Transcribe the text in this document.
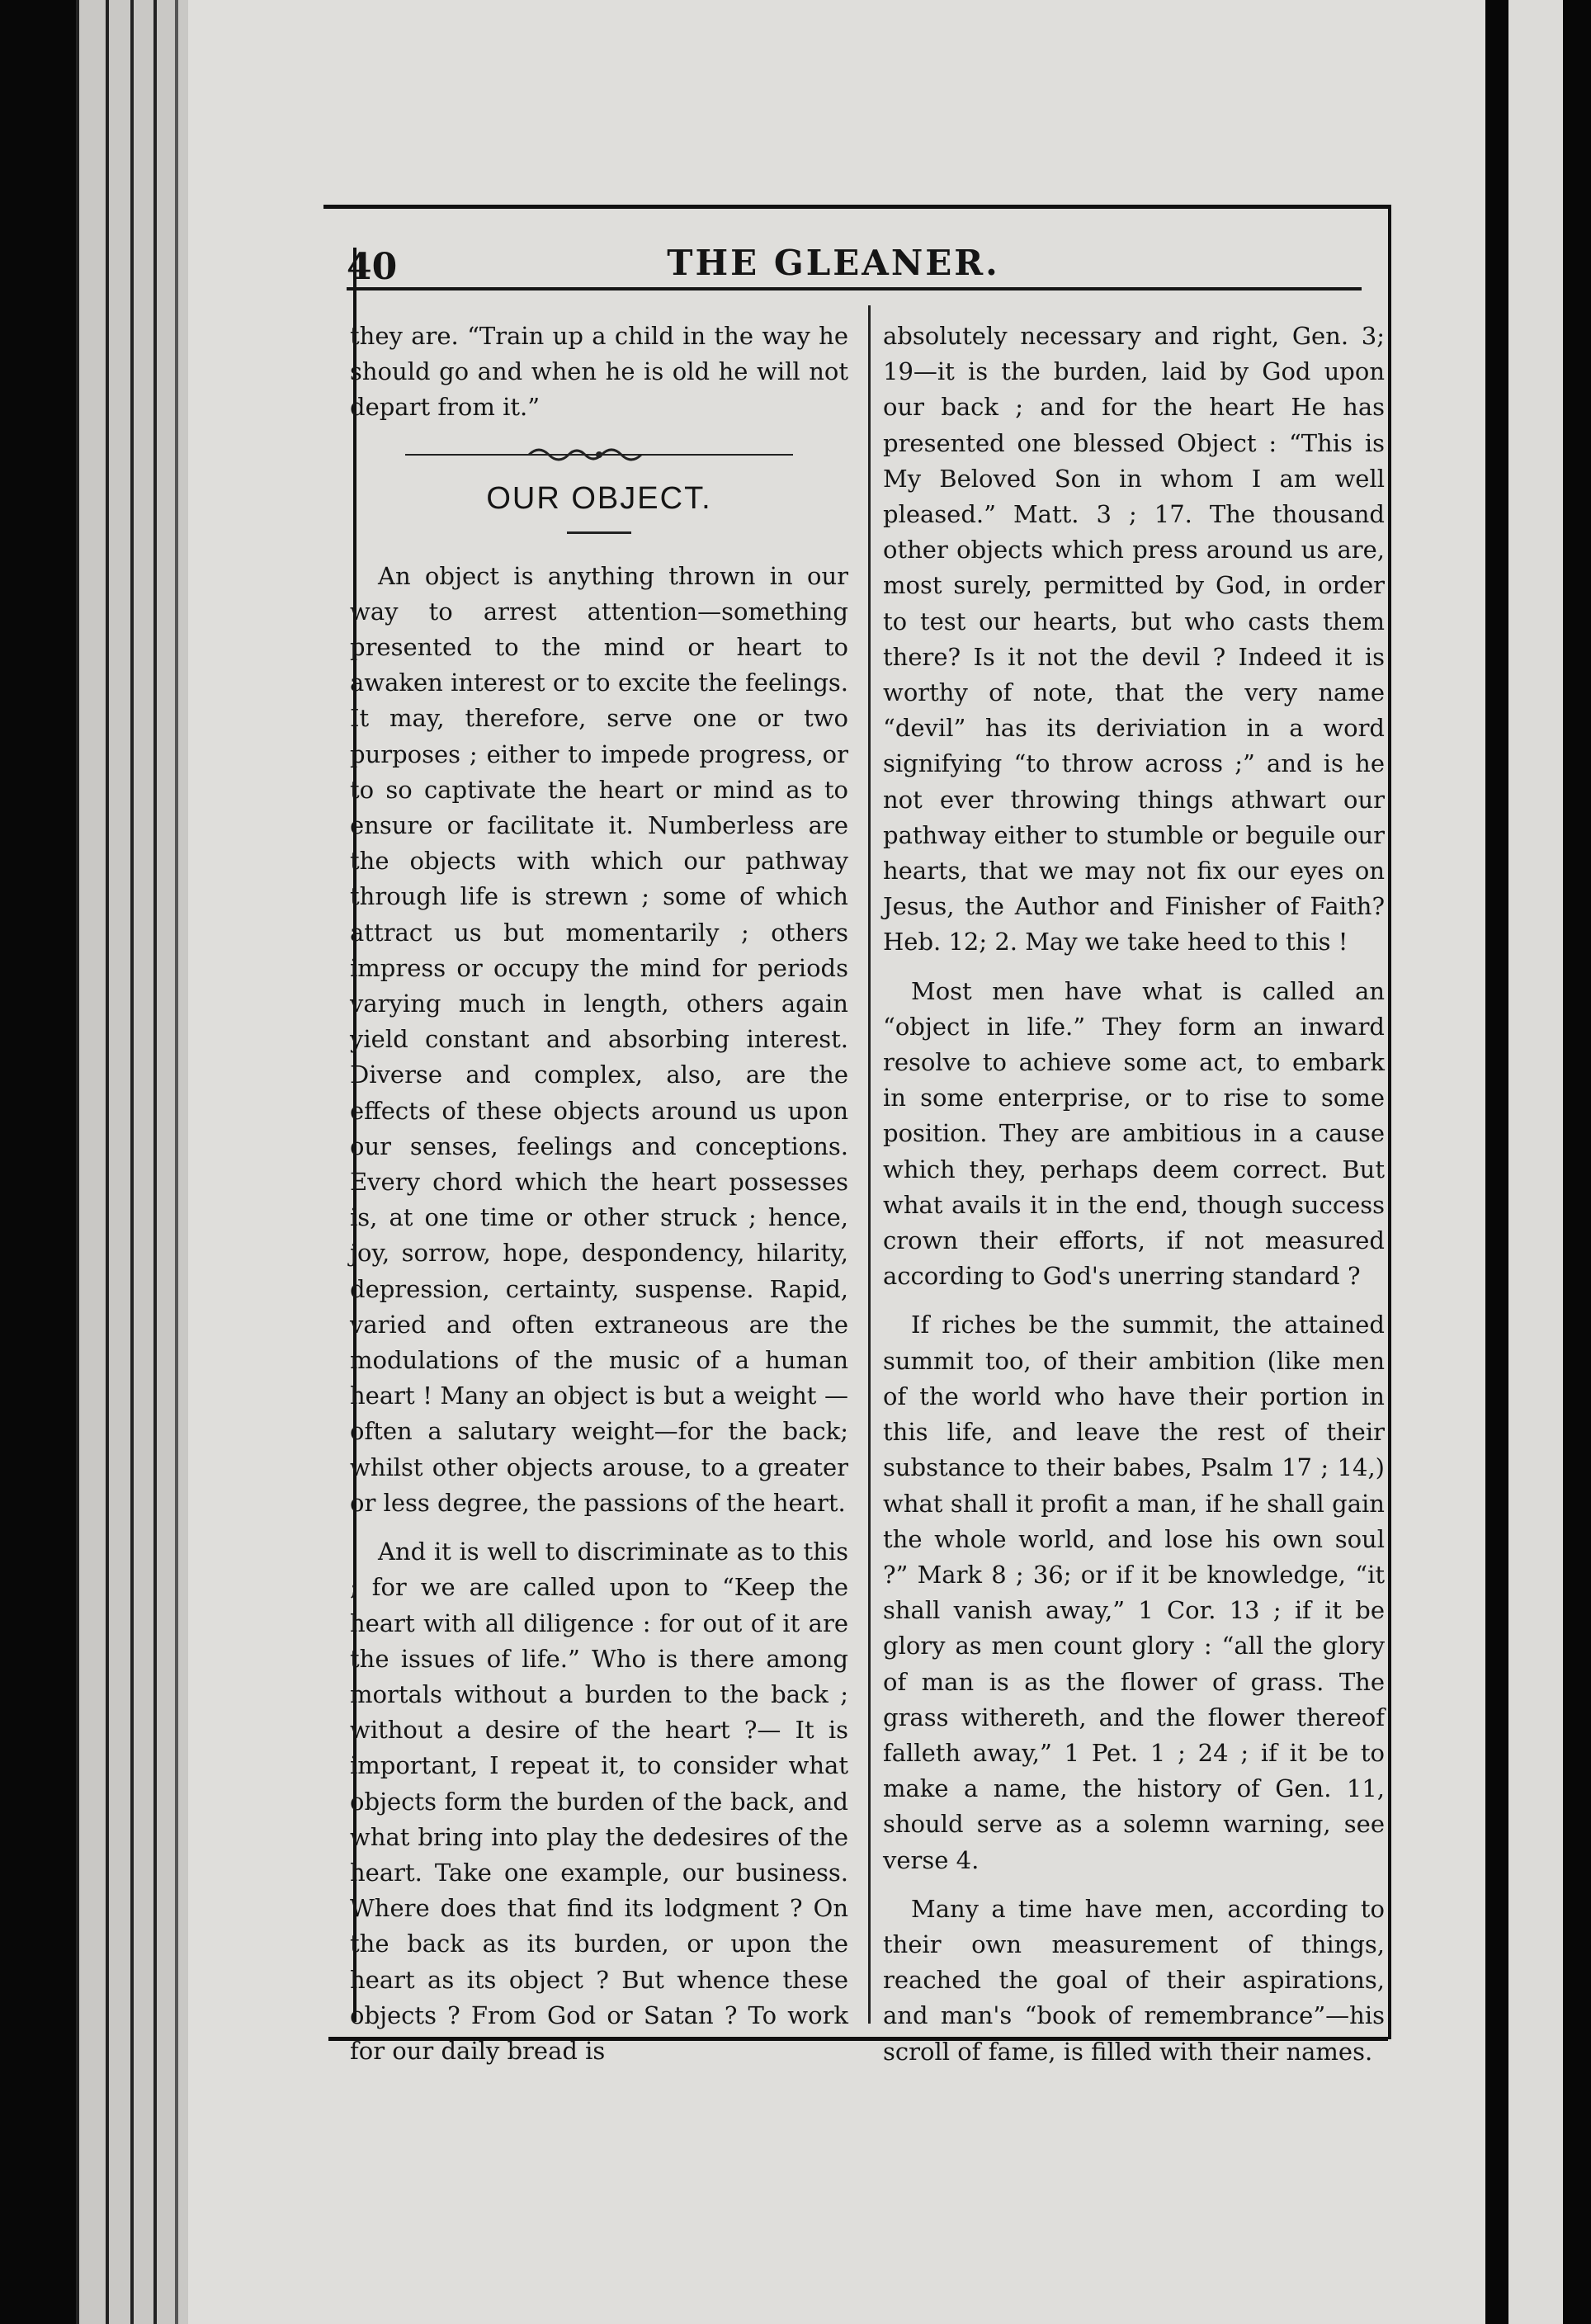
40	THE GLEANER.

they are. “Train up a child in the way he should go and when he is old he will not depart from it.”

OUR OBJECT.

An object is anything thrown in our way to arrest attention—something presented to the mind or heart to awaken interest or to excite the feelings. It may, therefore, serve one or two purposes ; either to impede progress, or to so captivate the heart or mind as to ensure or facilitate it. Numberless are the objects with which our pathway through life is strewn ; some of which attract us but momentarily ; others impress or occupy the mind for periods varying much in length, others again yield constant and absorbing interest. Diverse and complex, also, are the effects of these objects around us upon our senses, feelings and conceptions. Every chord which the heart possesses is, at one time or other struck ; hence, joy, sorrow, hope, despondency, hilarity, depression, certainty, suspense. Rapid, varied and often extraneous are the modulations of the music of a human heart ! Many an object is but a weight —often a salutary weight—for the back; whilst other objects arouse, to a greater or less degree, the passions of the heart.

And it is well to discriminate as to this ; for we are called upon to “Keep the heart with all diligence : for out of it are the issues of life.” Who is there among mortals without a burden to the back ; without a desire of the heart ?— It is important, I repeat it, to consider what objects form the burden of the back, and what bring into play the dedesires of the heart. Take one example, our business. Where does that find its lodgment ? On the back as its burden, or upon the heart as its object ? But whence these objects ? From God or Satan ? To work for our daily bread is

absolutely necessary and right, Gen. 3; 19—it is the burden, laid by God upon our back ; and for the heart He has presented one blessed Object : “This is My Beloved Son in whom I am well pleased.” Matt. 3 ; 17. The thousand other objects which press around us are, most surely, permitted by God, in order to test our hearts, but who casts them there? Is it not the devil ? Indeed it is worthy of note, that the very name “devil” has its deriviation in a word signifying “to throw across ;” and is he not ever throwing things athwart our pathway either to stumble or beguile our hearts, that we may not fix our eyes on Jesus, the Author and Finisher of Faith? Heb. 12; 2. May we take heed to this !

Most men have what is called an “object in life.” They form an inward resolve to achieve some act, to embark in some enterprise, or to rise to some position. They are ambitious in a cause which they, perhaps deem correct. But what avails it in the end, though success crown their efforts, if not measured according to God's unerring standard ?

If riches be the summit, the attained summit too, of their ambition (like men of the world who have their portion in this life, and leave the rest of their substance to their babes, Psalm 17 ; 14,) what shall it profit a man, if he shall gain the whole world, and lose his own soul ?” Mark 8 ; 36; or if it be knowledge, “it shall vanish away,” 1 Cor. 13 ; if it be glory as men count glory : “all the glory of man is as the flower of grass. The grass withereth, and the flower thereof falleth away,” 1 Pet. 1 ; 24 ; if it be to make a name, the history of Gen. 11, should serve as a solemn warning, see verse 4.

Many a time have men, according to their own measurement of things, reached the goal of their aspirations, and man's “book of remembrance”—his scroll of fame, is filled with their names.
